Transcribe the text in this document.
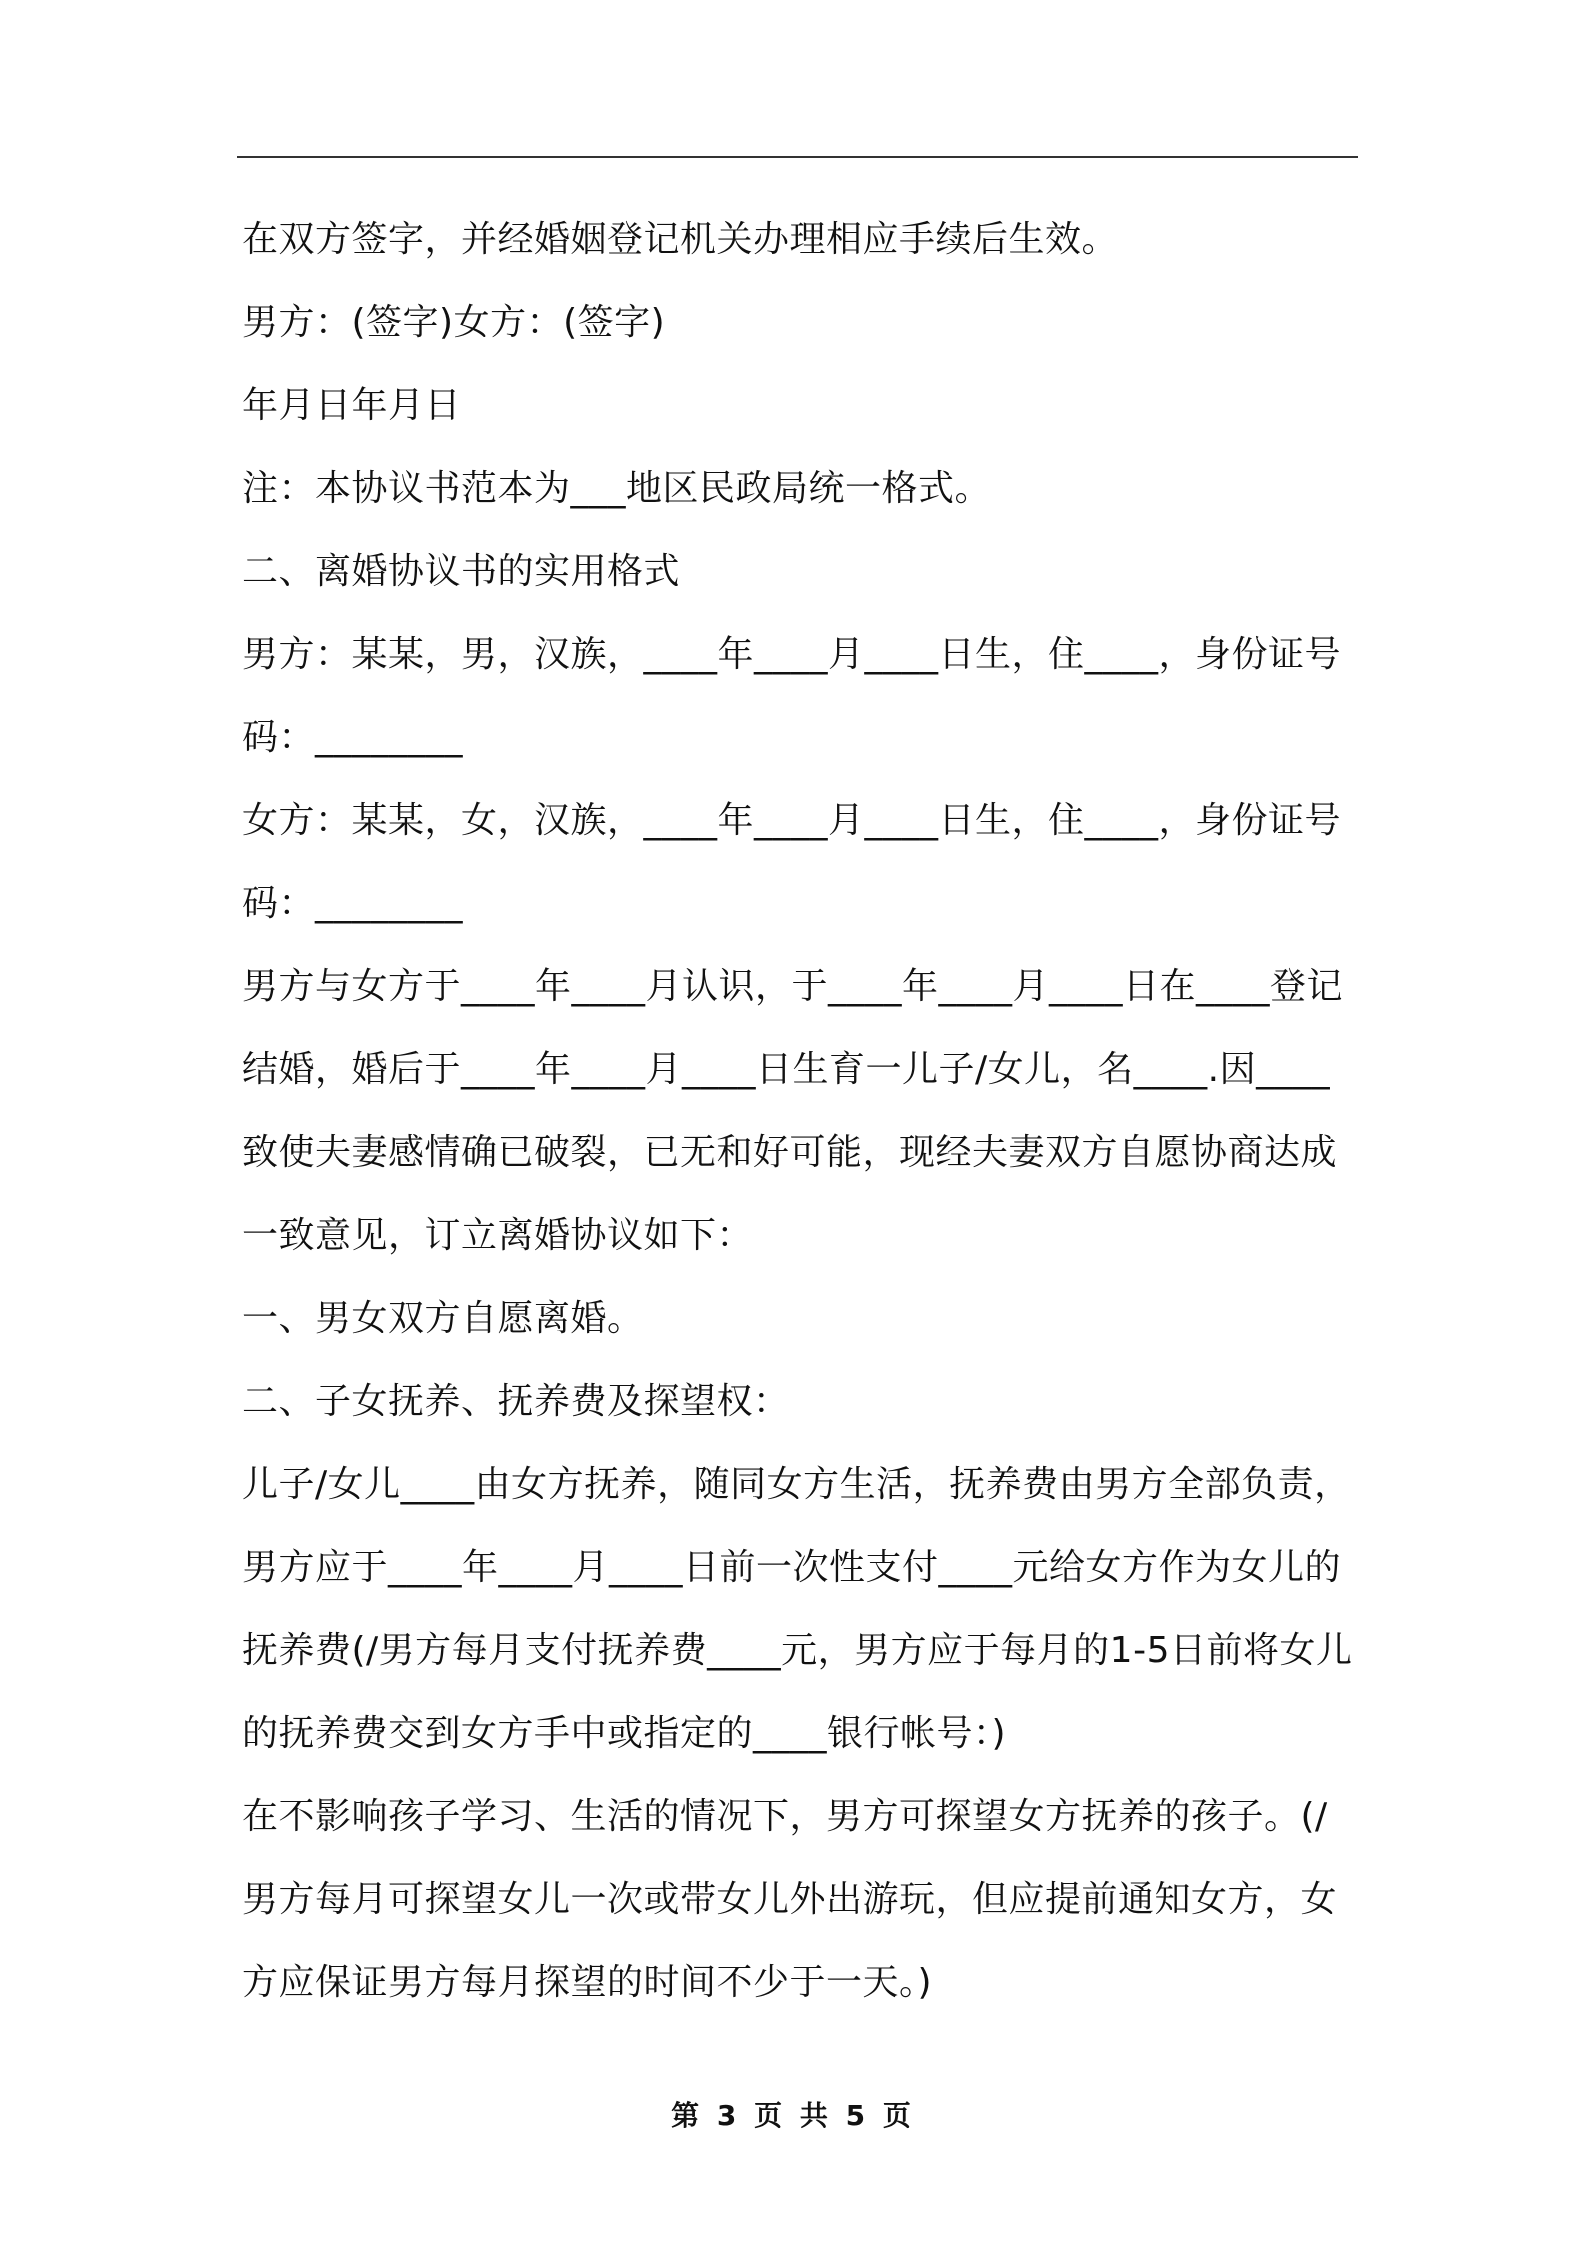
在双方签字，并经婚姻登记机关办理相应手续后生效。

男方：(签字)女方：(签字)

年月日年月日

注：本协议书范本为___地区民政局统一格式。

二、离婚协议书的实用格式

男方：某某，男，汉族，____年____月____日生，住____，身份证号码：________

女方：某某，女，汉族，____年____月____日生，住____，身份证号码：________

男方与女方于____年____月认识，于____年____月____日在____登记结婚，婚后于____年____月____日生育一儿子/女儿，名____.因____致使夫妻感情确已破裂，已无和好可能，现经夫妻双方自愿协商达成一致意见，订立离婚协议如下：

一、男女双方自愿离婚。

二、子女抚养、抚养费及探望权：

儿子/女儿____由女方抚养，随同女方生活，抚养费由男方全部负责，男方应于____年____月____日前一次性支付____元给女方作为女儿的抚养费(/男方每月支付抚养费____元，男方应于每月的1-5日前将女儿的抚养费交到女方手中或指定的____银行帐号：)

在不影响孩子学习、生活的情况下，男方可探望女方抚养的孩子。(/男方每月可探望女儿一次或带女儿外出游玩，但应提前通知女方，女方应保证男方每月探望的时间不少于一天。)

第 3 页 共 5 页
